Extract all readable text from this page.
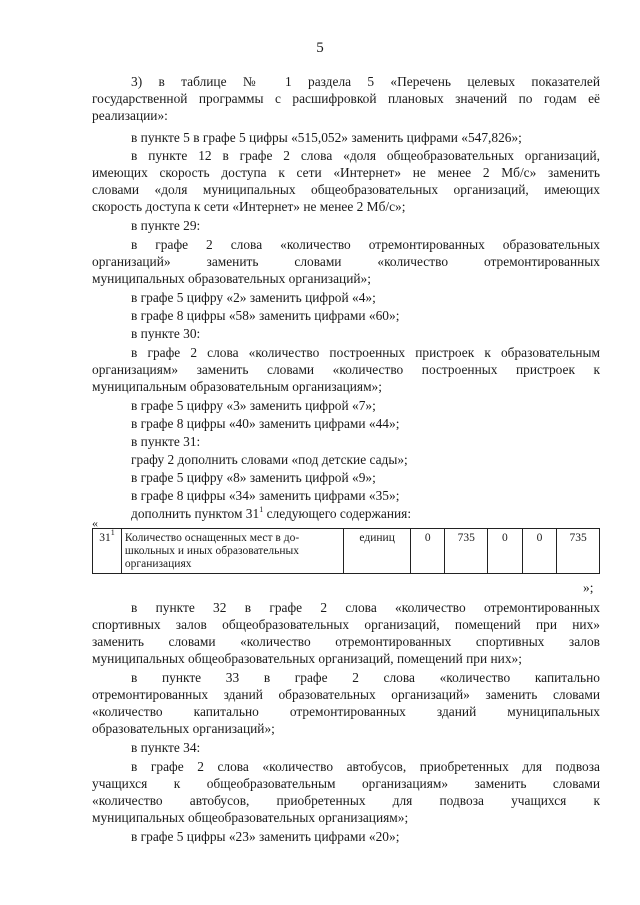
5
3) в таблице № 1 раздела 5 «Перечень целевых показателей
государственной программы с расшифровкой плановых значений по годам её
реализации»:
в пункте 5 в графе 5 цифры «515,052» заменить цифрами «547,826»;
в пункте 12 в графе 2 слова «доля общеобразовательных организаций,
имеющих скорость доступа к сети «Интернет» не менее 2 Мб/с» заменить
словами «доля муниципальных общеобразовательных организаций, имеющих
скорость доступа к сети «Интернет» не менее 2 Мб/с»;
в пункте 29:
в графе 2 слова «количество отремонтированных образовательных
организаций» заменить словами «количество отремонтированных
муниципальных образовательных организаций»;
в графе 5 цифру «2» заменить цифрой «4»;
в графе 8 цифры «58» заменить цифрами «60»;
в пункте 30:
в графе 2 слова «количество построенных пристроек к образовательным
организациям» заменить словами «количество построенных пристроек к
муниципальным образовательным организациям»;
в графе 5 цифру «3» заменить цифрой «7»;
в графе 8 цифры «40» заменить цифрами «44»;
в пункте 31:
графу 2 дополнить словами «под детские сады»;
в графе 5 цифру «8» заменить цифрой «9»;
в графе 8 цифры «34» заменить цифрами «35»;
дополнить пунктом $31^1$ следующего содержания:
«
$31^1$	Количество оснащенных мест в до-
школьных и иных образовательных
организациях
	единиц	0	735	0	0	735
»;
в пункте 32 в графе 2 слова «количество отремонтированных
спортивных залов общеобразовательных организаций, помещений при них»
заменить словами «количество отремонтированных спортивных залов
муниципальных общеобразовательных организаций, помещений при них»;
в пункте 33 в графе 2 слова «количество капитально
отремонтированных зданий образовательных организаций» заменить словами
«количество капитально отремонтированных зданий муниципальных
образовательных организаций»;
в пункте 34:
в графе 2 слова «количество автобусов, приобретенных для подвоза
учащихся к общеобразовательным организациям» заменить словами
«количество автобусов, приобретенных для подвоза учащихся к
муниципальных общеобразовательных организациям»;
в графе 5 цифры «23» заменить цифрами «20»;
